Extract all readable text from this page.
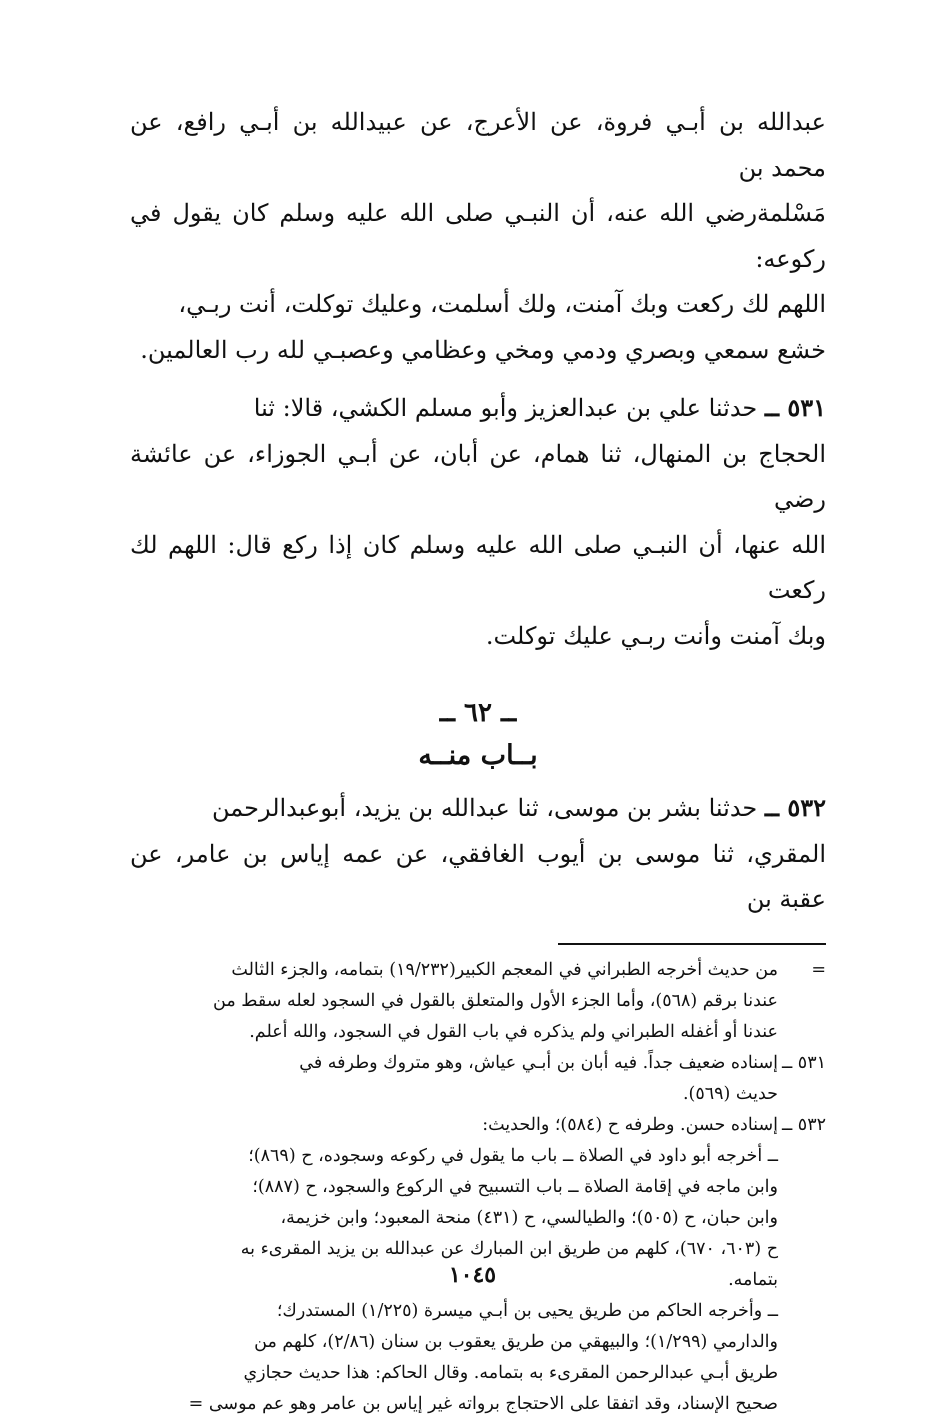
عبدالله بن أبـي فروة، عن الأعرج، عن عبيدالله بن أبـي رافع، عن محمد بن

مَسْلمةرضي الله عنه، أن النبـي صلى الله عليه وسلم كان يقول في ركوعه:

اللهم لك ركعت وبك آمنت، ولك أسلمت، وعليك توكلت، أنت ربـي،

خشع سمعي وبصري ودمي ومخي وعظامي وعصبـي لله رب العالمين.

٥٣١ ــ حدثنا علي بن عبدالعزيز وأبو مسلم الكشي، قالا: ثنا

الحجاج بن المنهال، ثنا همام، عن أبان، عن أبـي الجوزاء، عن عائشة رضي

الله عنها، أن النبـي صلى الله عليه وسلم كان إذا ركع قال: اللهم لك ركعت

وبك آمنت وأنت ربـي عليك توكلت.

ــ ٦٢ ــ
بــاب منــه

٥٣٢ ــ حدثنا بشر بن موسى، ثنا عبدالله بن يزيد، أبوعبدالرحمن

المقري، ثنا موسى بن أيوب الغافقي، عن عمه إياس بن عامر، عن عقبة بن

=

من حديث أخرجه الطبراني في المعجم الكبير(١٩/٢٣٢) بتمامه، والجزء الثالث

عندنا برقم (٥٦٨)، وأما الجزء الأول والمتعلق بالقول في السجود لعله سقط من

عندنا أو أغفله الطبراني ولم يذكره في باب القول في السجود، والله أعلم.

٥٣١ ــ

إسناده ضعيف جداً. فيه أبان بن أبـي عياش، وهو متروك وطرفه في

حديث (٥٦٩).

٥٣٢ ــ

إسناده حسن. وطرفه ح (٥٨٤)؛ والحديث:

ــ أخرجه أبو داود في الصلاة ــ باب ما يقول في ركوعه وسجوده، ح (٨٦٩)؛

وابن ماجه في إقامة الصلاة ــ باب التسبيح في الركوع والسجود، ح (٨٨٧)؛

وابن حبان، ح (٥٠٥)؛ والطيالسي، ح (٤٣١) منحة المعبود؛ وابن خزيمة،

ح (٦٠٣، ٦٧٠)، كلهم من طريق ابن المبارك عن عبدالله بن يزيد المقرىء به

بتمامه.

ــ وأخرجه الحاكم من طريق يحيى بن أبـي ميسرة (١/٢٢٥) المستدرك؛

والدارمي (١/٢٩٩)؛ والبيهقي من طريق يعقوب بن سنان (٢/٨٦)، كلهم من

طريق أبـي عبدالرحمن المقرىء به بتمامه. وقال الحاكم: هذا حديث حجازي

صحيح الإسناد، وقد اتفقا على الاحتجاج برواته غير إياس بن عامر وهو عم موسى =

١٠٤٥
